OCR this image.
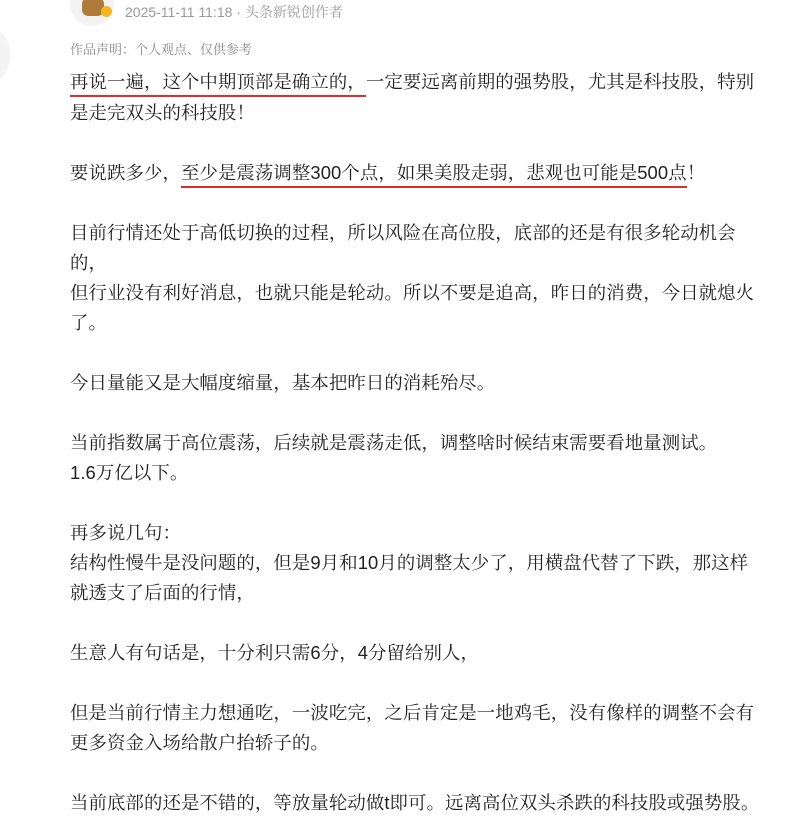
2025-11-11 11:18 · 头条新锐创作者
作品声明：个人观点、仅供参考
再说一遍，这个中期顶部是确立的，一定要远离前期的强势股，尤其是科技股，特别
是走完双头的科技股！
要说跌多少，至少是震荡调整300个点，如果美股走弱，悲观也可能是500点！
目前行情还处于高低切换的过程，所以风险在高位股，底部的还是有很多轮动机会
的，
但行业没有利好消息，也就只能是轮动。所以不要是追高，昨日的消费，今日就熄火
了。
今日量能又是大幅度缩量，基本把昨日的消耗殆尽。
当前指数属于高位震荡，后续就是震荡走低，调整啥时候结束需要看地量测试。
1.6万亿以下。
再多说几句：
结构性慢牛是没问题的，但是9月和10月的调整太少了，用横盘代替了下跌，那这样
就透支了后面的行情，
生意人有句话是，十分利只需6分，4分留给别人，
但是当前行情主力想通吃，一波吃完，之后肯定是一地鸡毛，没有像样的调整不会有
更多资金入场给散户抬轿子的。
当前底部的还是不错的，等放量轮动做t即可。远离高位双头杀跌的科技股或强势股。
